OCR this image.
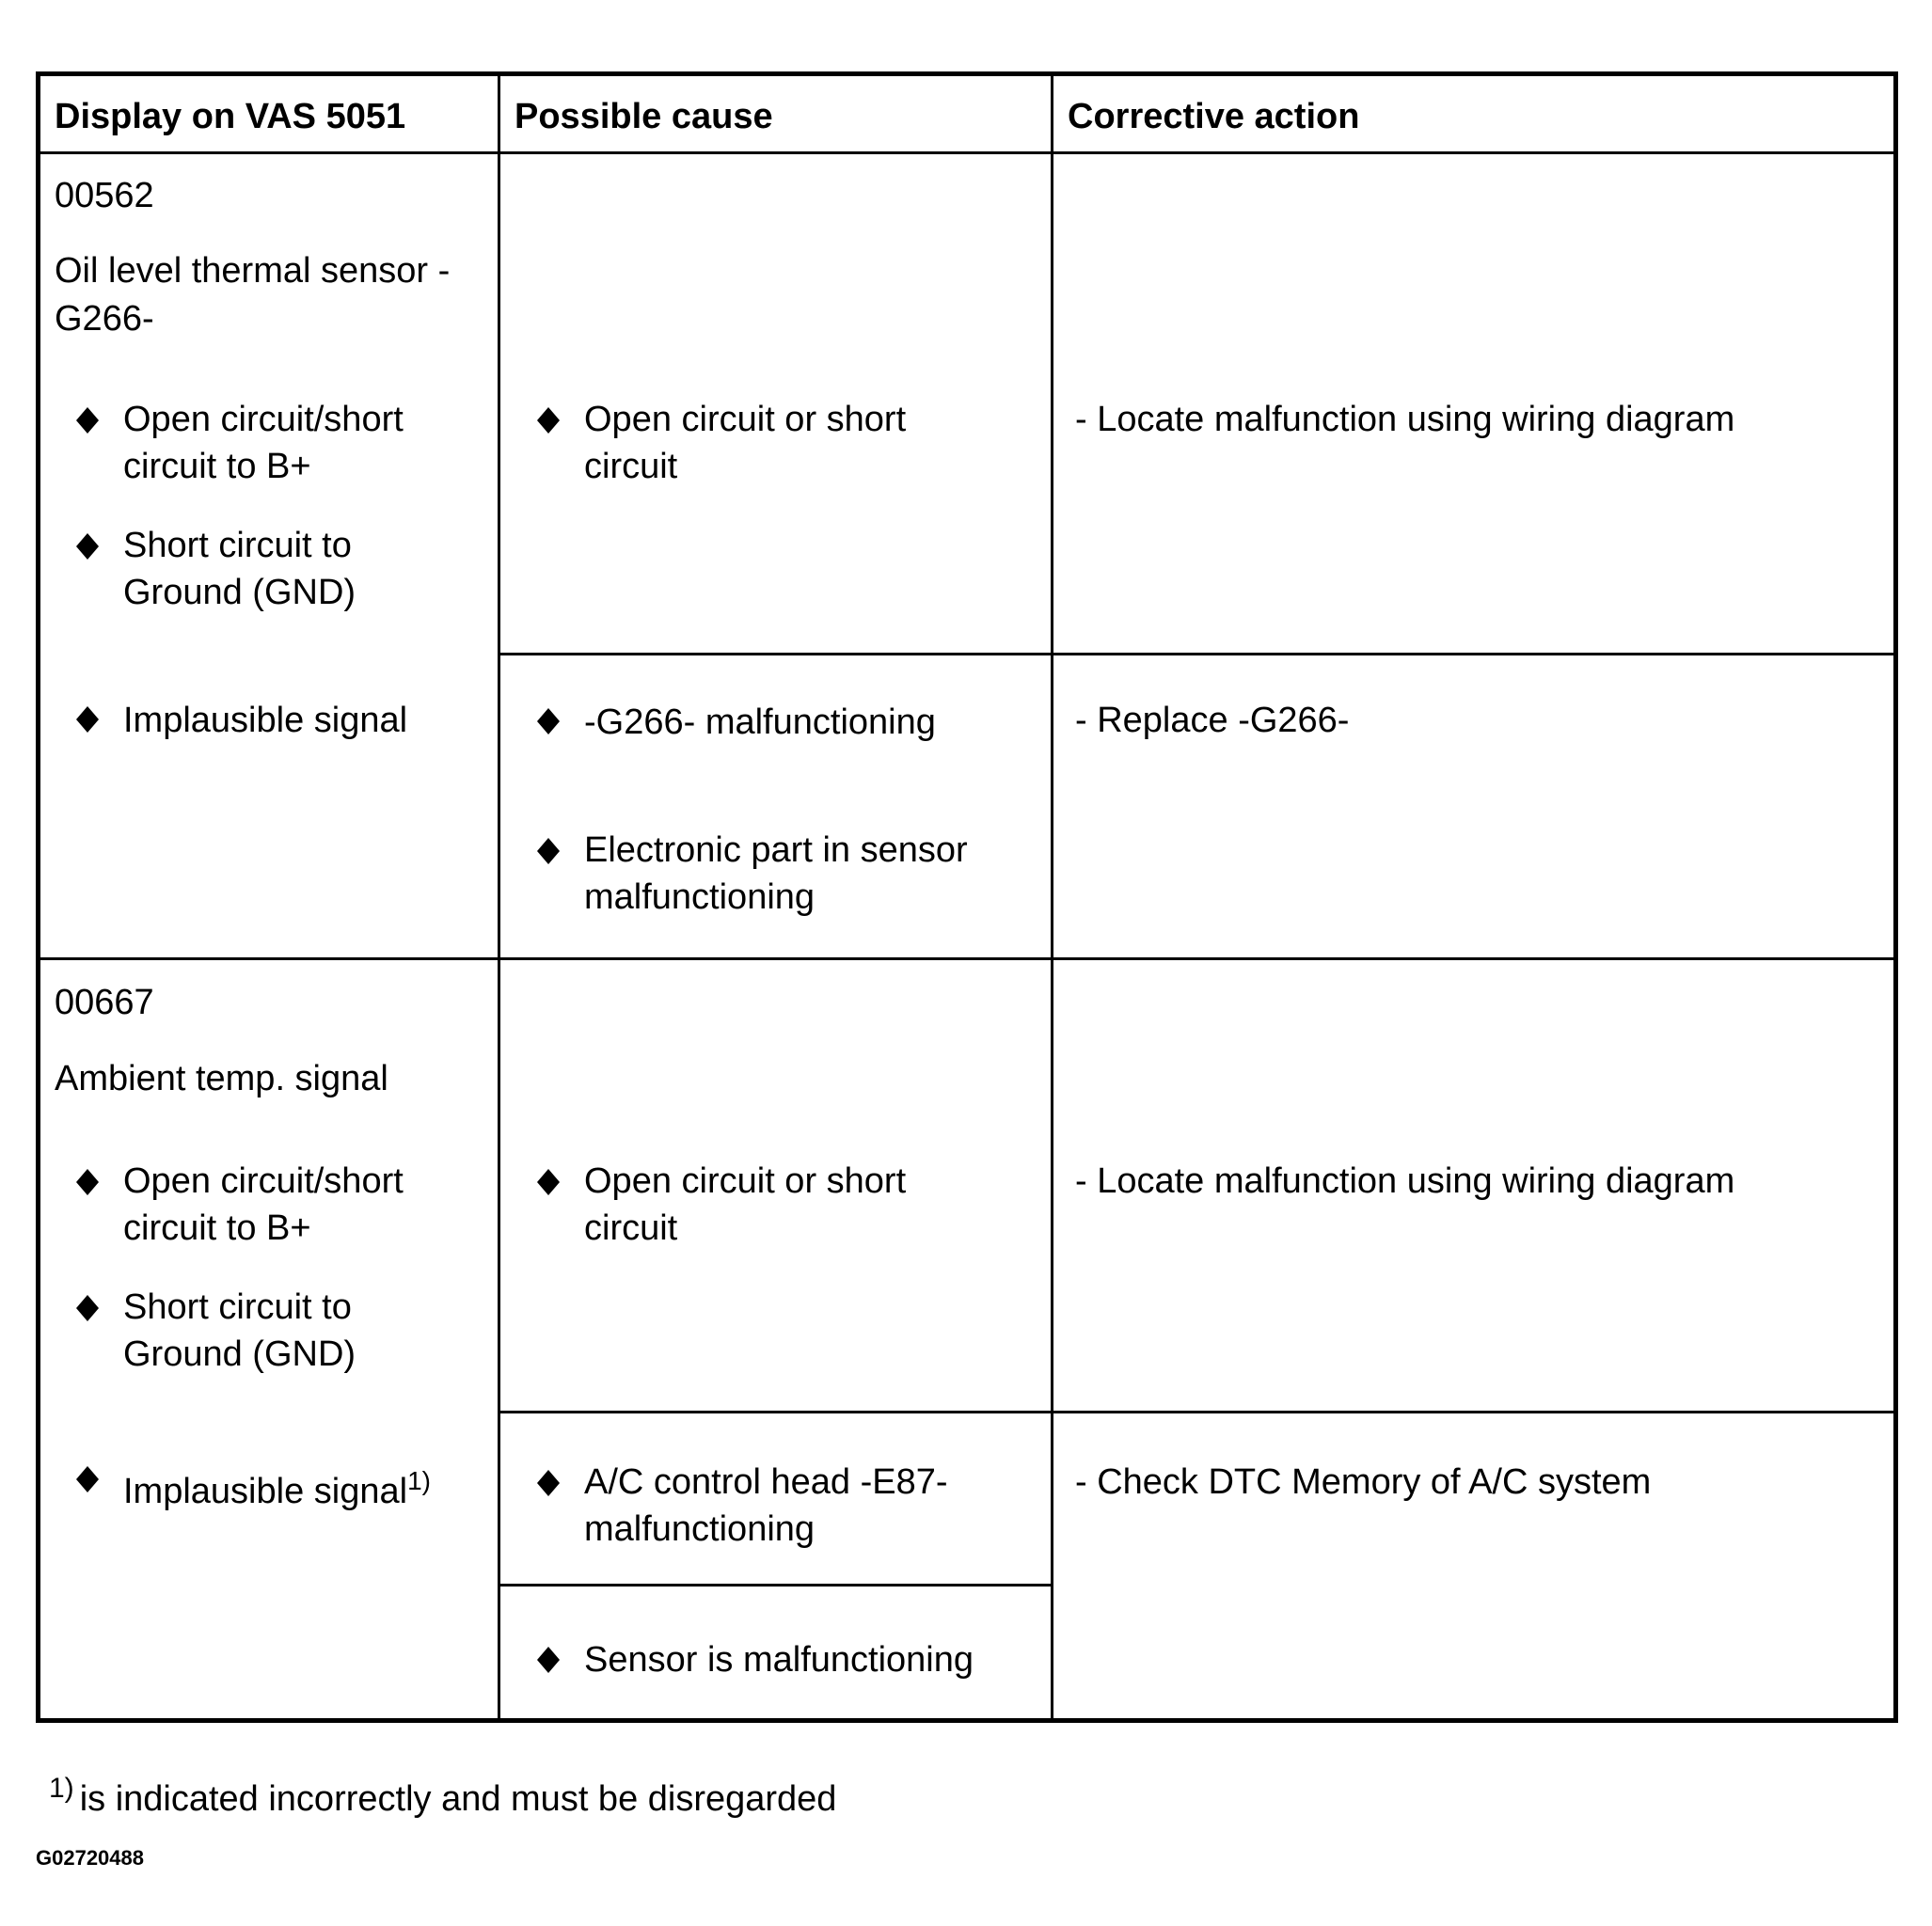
Display on VAS 5051	Possible cause	Corrective action
00562
Oil level thermal sensor -
G266-
Open circuit/short
circuit to B+
Short circuit to
Ground (GND)
Implausible signal
Open circuit or short
circuit
-G266- malfunctioning
Electronic part in sensor
malfunctioning
- Locate malfunction using wiring diagram
- Replace -G266-
00667
Ambient temp. signal
Open circuit/short
circuit to B+
Short circuit to
Ground (GND)
Implausible signal$^{1)}$
Open circuit or short
circuit
A/C control head -E87-
malfunctioning
Sensor is malfunctioning
- Locate malfunction using wiring diagram
- Check DTC Memory of A/C system
$^{1)}$ is indicated incorrectly and must be disregarded
G02720488
